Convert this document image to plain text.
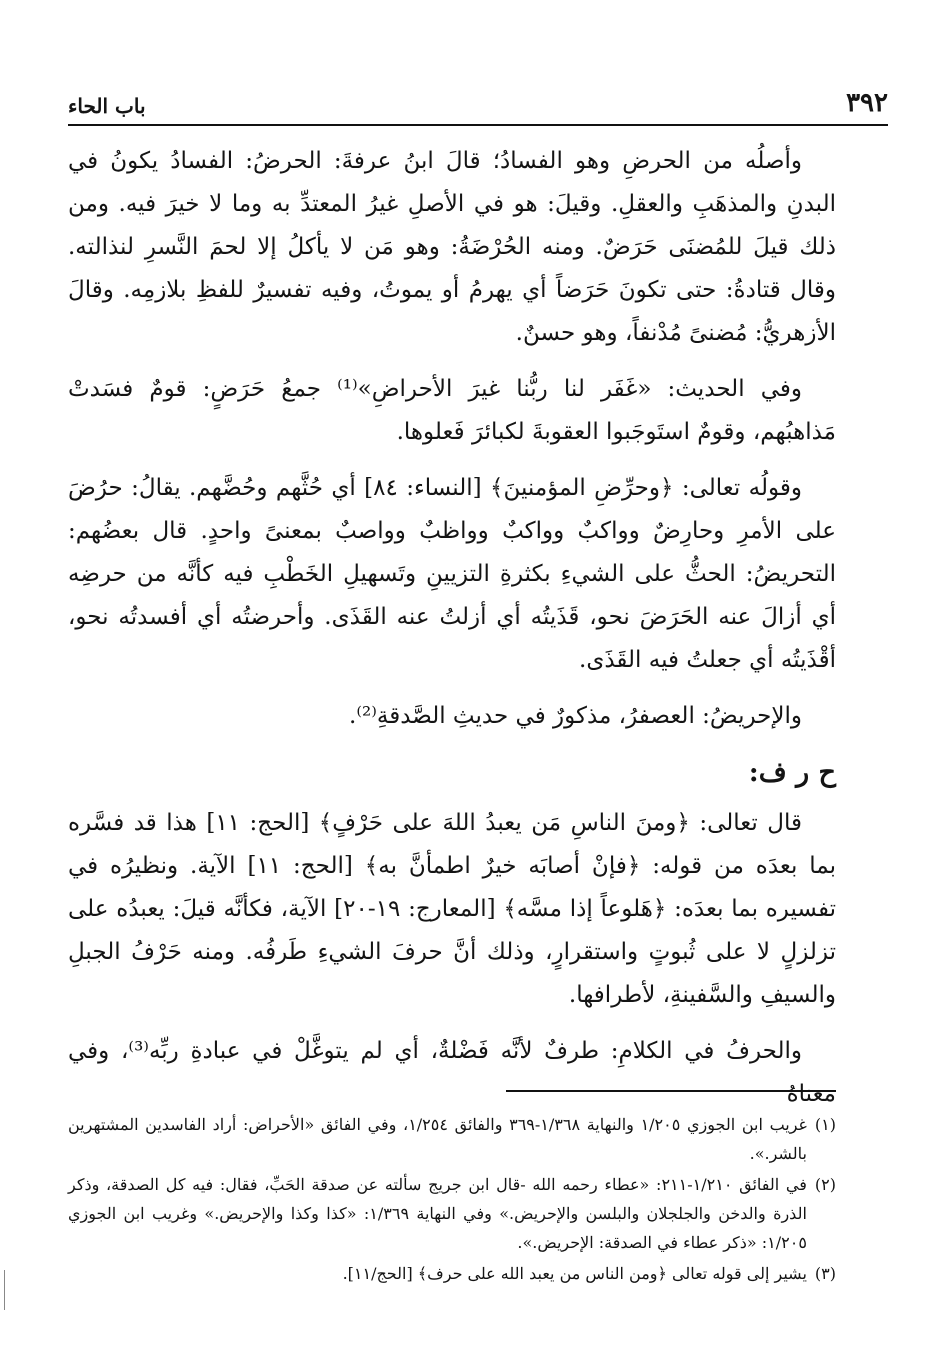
٣٩٢
باب الحاء

وأصلُه من الحرضِ وهو الفسادُ؛ قالَ ابنُ عرفةَ: الحرضُ: الفسادُ يكونُ في البدنِ والمذهَبِ والعقلِ. وقيلَ: هو في الأصلِ غيرُ المعتدِّ به وما لا خيرَ فيه. ومن ذلك قيلَ للمُضنَى حَرَضٌ. ومنه الحُرْضَةُ: وهو مَن لا يأكلُ إلا لحمَ النَّسرِ لنذالته. وقال قتادةُ: حتى تكونَ حَرَضاً أي يهرمُ أو يموتُ، وفيه تفسيرٌ للفظِ بلازمِه. وقالَ الأزهريُّ: مُضنىً مُدْنفاً، وهو حسنٌ.

وفي الحديث: «غَفَر لنا ربُّنا غيرَ الأحراضِ»⁽¹⁾ جمعُ حَرَضٍ: قومٌ فسَدتْ مَذاهبُهم، وقومٌ استَوجَبوا العقوبةَ لكبائرَ فَعلوها.

وقولُه تعالى: ﴿وحرِّضِ المؤمنينَ﴾ [النساء: ٨٤] أي حُثَّهم وحُضَّهم. يقالُ: حرُضَ على الأمرِ وحارِضٌ وواكبٌ وواكبٌ وواظبٌ وواصبٌ بمعنىً واحدٍ. قال بعضُهم: التحريضُ: الحثُّ على الشيءِ بكثرةِ التزيينِ وتَسهيلِ الخَطْبِ فيه كأنَّه من حرضِه أي أزالَ عنه الحَرَضَ نحو، قَذَيتُه أي أزلتُ عنه القَذَى. وأحرضتُه أي أفسدتُه نحو، أقْذَيتُه أي جعلتُ فيه القَذَى.

والإحريضُ: العصفرُ، مذكورٌ في حديثِ الصَّدقةِ⁽²⁾.

ح ر ف:

قال تعالى: ﴿ومنَ الناسِ مَن يعبدُ اللهَ على حَرْفٍ﴾ [الحج: ١١] هذا قد فسَّره بما بعدَه من قوله: ﴿فإنْ أصابَه خيرٌ اطمأنَّ به﴾ [الحج: ١١] الآية. ونظيرُه في تفسيره بما بعدَه: ﴿هَلوعاً إذا مسَّه﴾ [المعارج: ١٩-٢٠] الآية، فكأنَّه قيلَ: يعبدُه على تزلزلٍ لا على ثُبوتٍ واستقرارٍ، وذلك أنَّ حرفَ الشيءِ طَرفُه. ومنه حَرْفُ الجبلِ والسيفِ والسَّفينةِ، لأطرافها.

والحرفُ في الكلامِ: طرفٌ لأنَّه فَضْلةٌ، أي لم يتوغَّلْ في عبادةِ ربِّه⁽³⁾، وفي معناهُ

(١)
غريب ابن الجوزي ١/٢٠٥ والنهاية ١/٣٦٨-٣٦٩ والفائق ١/٢٥٤، وفي الفائق «الأحراض: أراد الفاسدين المشتهرين بالشر.».
(٢)
في الفائق ١/٢١٠-٢١١: «عطاء رحمه الله -قال ابن جريج سألته عن صدقة الحَبِّ، فقال: فيه كل الصدقة، وذكر الذرة والدخن والجلجلان والبلسن والإحريض.» وفي النهاية ١/٣٦٩: «كذا وكذا والإحريض.» وغريب ابن الجوزي ١/٢٠٥: «ذكر عطاء في الصدقة: الإحريض.».
(٣)
يشير إلى قوله تعالى ﴿ومن الناس من يعبد الله على حرف﴾ [الحج/١١].
